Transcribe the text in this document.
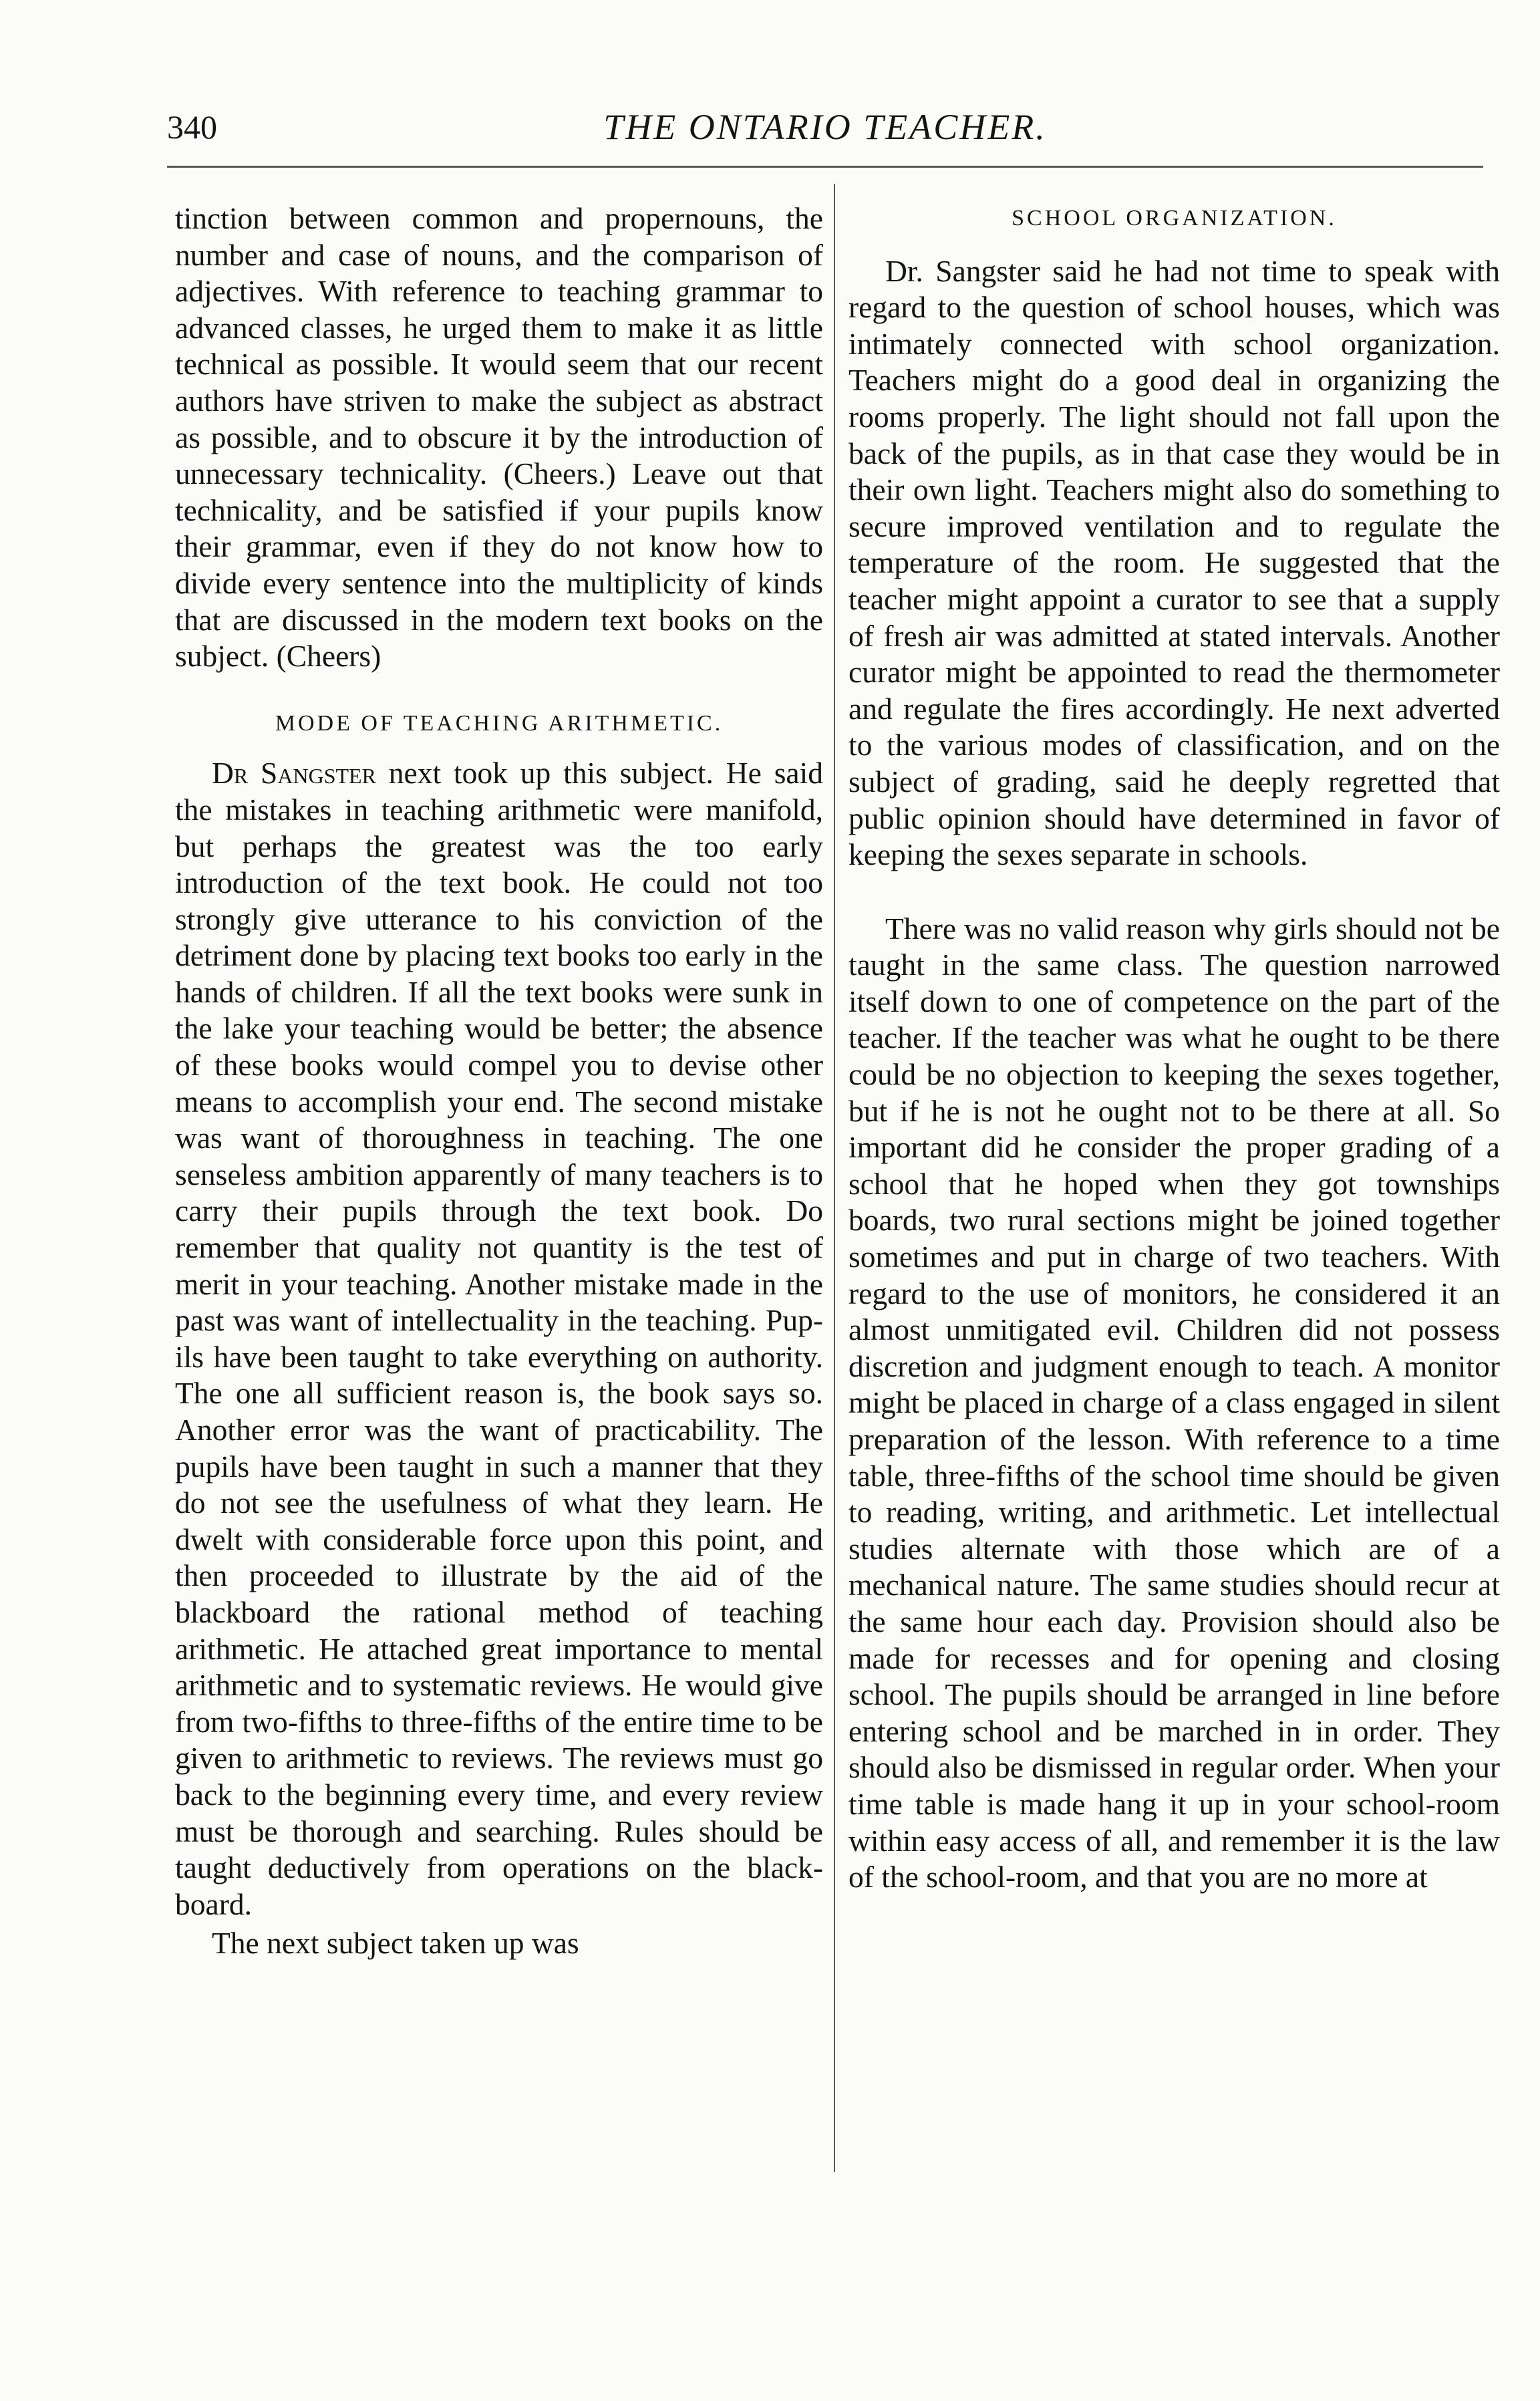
340	THE ONTARIO TEACHER.

tinction between common and propernouns, the number and case of nouns, and the comparison of adjectives. With reference to teaching grammar to advanced classes, he urged them to make it as little technical as possible. It would seem that our recent authors have striven to make the subject as abstract as possible, and to obscure it by the introduction of unnecessary technicality. (Cheers.) Leave out that technicality, and be satisfied if your pupils know their grammar, even if they do not know how to divide every sentence into the multiplicity of kinds that are discussed in the modern text books on the subject. (Cheers)

MODE OF TEACHING ARITHMETIC.

Dr Sangster next took up this subject. He said the mistakes in teaching arithmetic were manifold, but perhaps the greatest was the too early introduction of the text book. He could not too strongly give utterance to his conviction of the detriment done by placing text books too early in the hands of children. If all the text books were sunk in the lake your teaching would be better; the absence of these books would compel you to devise other means to accomplish your end. The second mistake was want of thoroughness in teaching. The one senseless ambition apparently of many teachers is to carry their pupils through the text book. Do remember that quality not quantity is the test of merit in your teaching. Another mistake made in the past was want of intellectuality in the teaching. Pupils have been taught to take everything on authority. The one all sufficient reason is, the book says so. Another error was the want of practicability. The pupils have been taught in such a manner that they do not see the usefulness of what they learn. He dwelt with considerable force upon this point, and then proceeded to illustrate by the aid of the blackboard the rational method of teaching arithmetic. He attached great importance to mental arithmetic and to systematic reviews. He would give from two-fifths to three-fifths of the entire time to be given to arithmetic to reviews. The reviews must go back to the beginning every time, and every review must be thorough and searching. Rules should be taught deductively from operations on the blackboard.

The next subject taken up was

SCHOOL ORGANIZATION.

Dr. Sangster said he had not time to speak with regard to the question of school houses, which was intimately connected with school organization. Teachers might do a good deal in organizing the rooms properly. The light should not fall upon the back of the pupils, as in that case they would be in their own light. Teachers might also do something to secure improved ventilation and to regulate the temperature of the room. He suggested that the teacher might appoint a curator to see that a supply of fresh air was admitted at stated intervals. Another curator might be appointed to read the thermometer and regulate the fires accordingly. He next adverted to the various modes of classification, and on the subject of grading, said he deeply regretted that public opinion should have determined in favor of keeping the sexes separate in schools.

There was no valid reason why girls should not be taught in the same class. The question narrowed itself down to one of competence on the part of the teacher. If the teacher was what he ought to be there could be no objection to keeping the sexes together, but if he is not he ought not to be there at all. So important did he consider the proper grading of a school that he hoped when they got townships boards, two rural sections might be joined together sometimes and put in charge of two teachers. With regard to the use of monitors, he considered it an almost unmitigated evil. Children did not possess discretion and judgment enough to teach. A monitor might be placed in charge of a class engaged in silent preparation of the lesson. With reference to a time table, three-fifths of the school time should be given to reading, writing, and arithmetic. Let intellectual studies alternate with those which are of a mechanical nature. The same studies should recur at the same hour each day. Provision should also be made for recesses and for opening and closing school. The pupils should be arranged in line before entering school and be marched in in order. They should also be dismissed in regular order. When your time table is made hang it up in your school-room within easy access of all, and remember it is the law of the school-room, and that you are no more at
